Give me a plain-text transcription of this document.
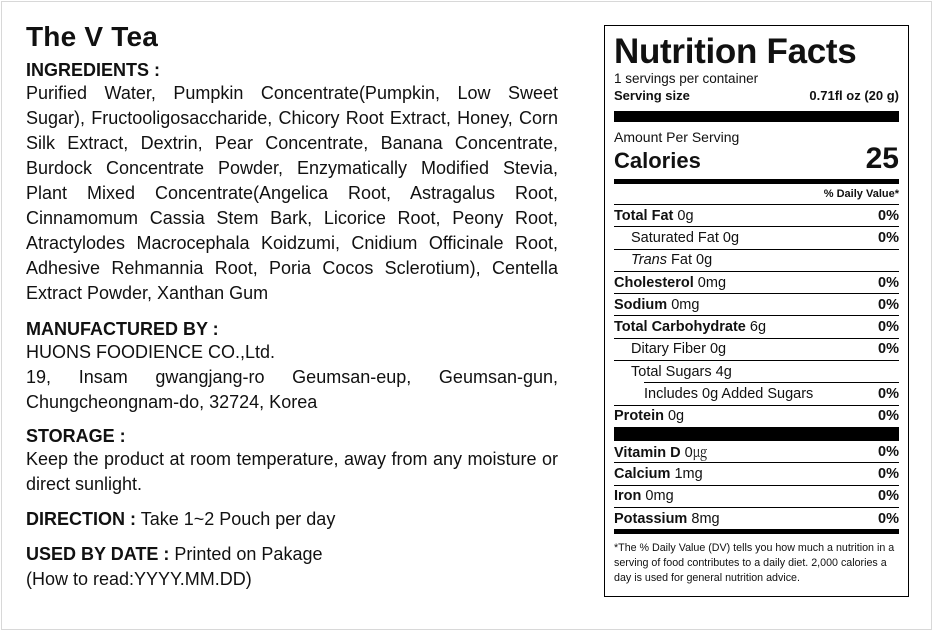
The V Tea
INGREDIENTS :
Purified Water, Pumpkin Concentrate(Pumpkin, Low Sweet Sugar), Fructooligosaccharide, Chicory Root Extract, Honey, Corn Silk Extract, Dextrin, Pear Concentrate, Banana Concentrate, Burdock Concentrate Powder, Enzymatically Modified Stevia, Plant Mixed Concentrate(Angelica Root, Astragalus Root, Cinnamomum Cassia Stem Bark, Licorice Root, Peony Root, Atractylodes Macrocephala Koidzumi, Cnidium Officinale Root, Adhesive Rehmannia Root, Poria Cocos Sclerotium), Centella Extract Powder, Xanthan Gum
MANUFACTURED BY :
HUONS FOODIENCE CO.,Ltd.
19, Insam gwangjang-ro Geumsan-eup, Geumsan-gun, Chungcheongnam-do, 32724, Korea
STORAGE :
Keep the product at room temperature, away from any moisture or direct sunlight.
DIRECTION : Take 1~2 Pouch per day
USED BY DATE : Printed on Pakage
(How to read:YYYY.MM.DD)
Nutrition Facts
1 servings per container
Serving size	0.71fl oz (20 g)
Amount Per Serving
Calories	25
% Daily Value*
Total Fat 0g	0%
Saturated Fat 0g	0%
Trans Fat 0g
Cholesterol 0mg	0%
Sodium 0mg	0%
Total Carbohydrate 6g	0%
Ditary Fiber 0g	0%
Total Sugars 4g
Includes 0g Added Sugars	0%
Protein 0g	0%
Vitamin D 0㎍	0%
Calcium 1mg	0%
Iron 0mg	0%
Potassium 8mg	0%
*The % Daily Value (DV) tells you how much a nutrition in a serving of food contributes to a daily diet. 2,000 calories a day is used for general nutrition advice.
